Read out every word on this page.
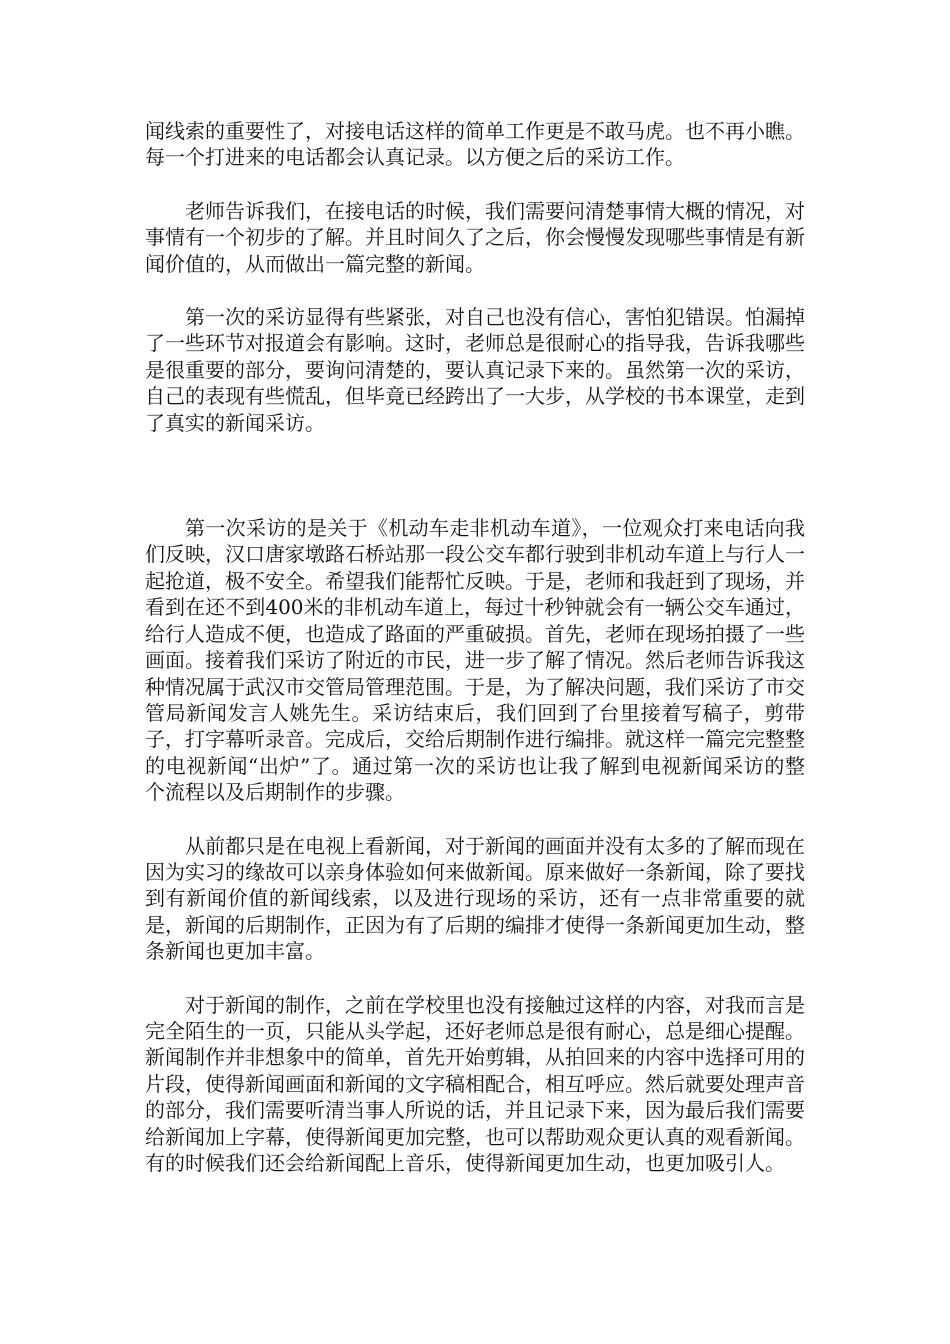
闻线索的重要性了，对接电话这样的简单工作更是不敢马虎。也不再小瞧。每一个打进来的电话都会认真记录。以方便之后的采访工作。

老师告诉我们，在接电话的时候，我们需要问清楚事情大概的情况，对事情有一个初步的了解。并且时间久了之后，你会慢慢发现哪些事情是有新闻价值的，从而做出一篇完整的新闻。

第一次的采访显得有些紧张，对自己也没有信心，害怕犯错误。怕漏掉了一些环节对报道会有影响。这时，老师总是很耐心的指导我，告诉我哪些是很重要的部分，要询问清楚的，要认真记录下来的。虽然第一次的采访，自己的表现有些慌乱，但毕竟已经跨出了一大步，从学校的书本课堂，走到了真实的新闻采访。

第一次采访的是关于《机动车走非机动车道》，一位观众打来电话向我们反映，汉口唐家墩路石桥站那一段公交车都行驶到非机动车道上与行人一起抢道，极不安全。希望我们能帮忙反映。于是，老师和我赶到了现场，并看到在还不到400米的非机动车道上，每过十秒钟就会有一辆公交车通过，给行人造成不便，也造成了路面的严重破损。首先，老师在现场拍摄了一些画面。接着我们采访了附近的市民，进一步了解了情况。然后老师告诉我这种情况属于武汉市交管局管理范围。于是，为了解决问题，我们采访了市交管局新闻发言人姚先生。采访结束后，我们回到了台里接着写稿子，剪带子，打字幕听录音。完成后，交给后期制作进行编排。就这样一篇完完整整的电视新闻“出炉”了。通过第一次的采访也让我了解到电视新闻采访的整个流程以及后期制作的步骤。

从前都只是在电视上看新闻，对于新闻的画面并没有太多的了解而现在因为实习的缘故可以亲身体验如何来做新闻。原来做好一条新闻，除了要找到有新闻价值的新闻线索，以及进行现场的采访，还有一点非常重要的就是，新闻的后期制作，正因为有了后期的编排才使得一条新闻更加生动，整条新闻也更加丰富。

对于新闻的制作，之前在学校里也没有接触过这样的内容，对我而言是完全陌生的一页，只能从头学起，还好老师总是很有耐心，总是细心提醒。新闻制作并非想象中的简单，首先开始剪辑，从拍回来的内容中选择可用的片段，使得新闻画面和新闻的文字稿相配合，相互呼应。然后就要处理声音的部分，我们需要听清当事人所说的话，并且记录下来，因为最后我们需要给新闻加上字幕，使得新闻更加完整，也可以帮助观众更认真的观看新闻。有的时候我们还会给新闻配上音乐，使得新闻更加生动，也更加吸引人。
